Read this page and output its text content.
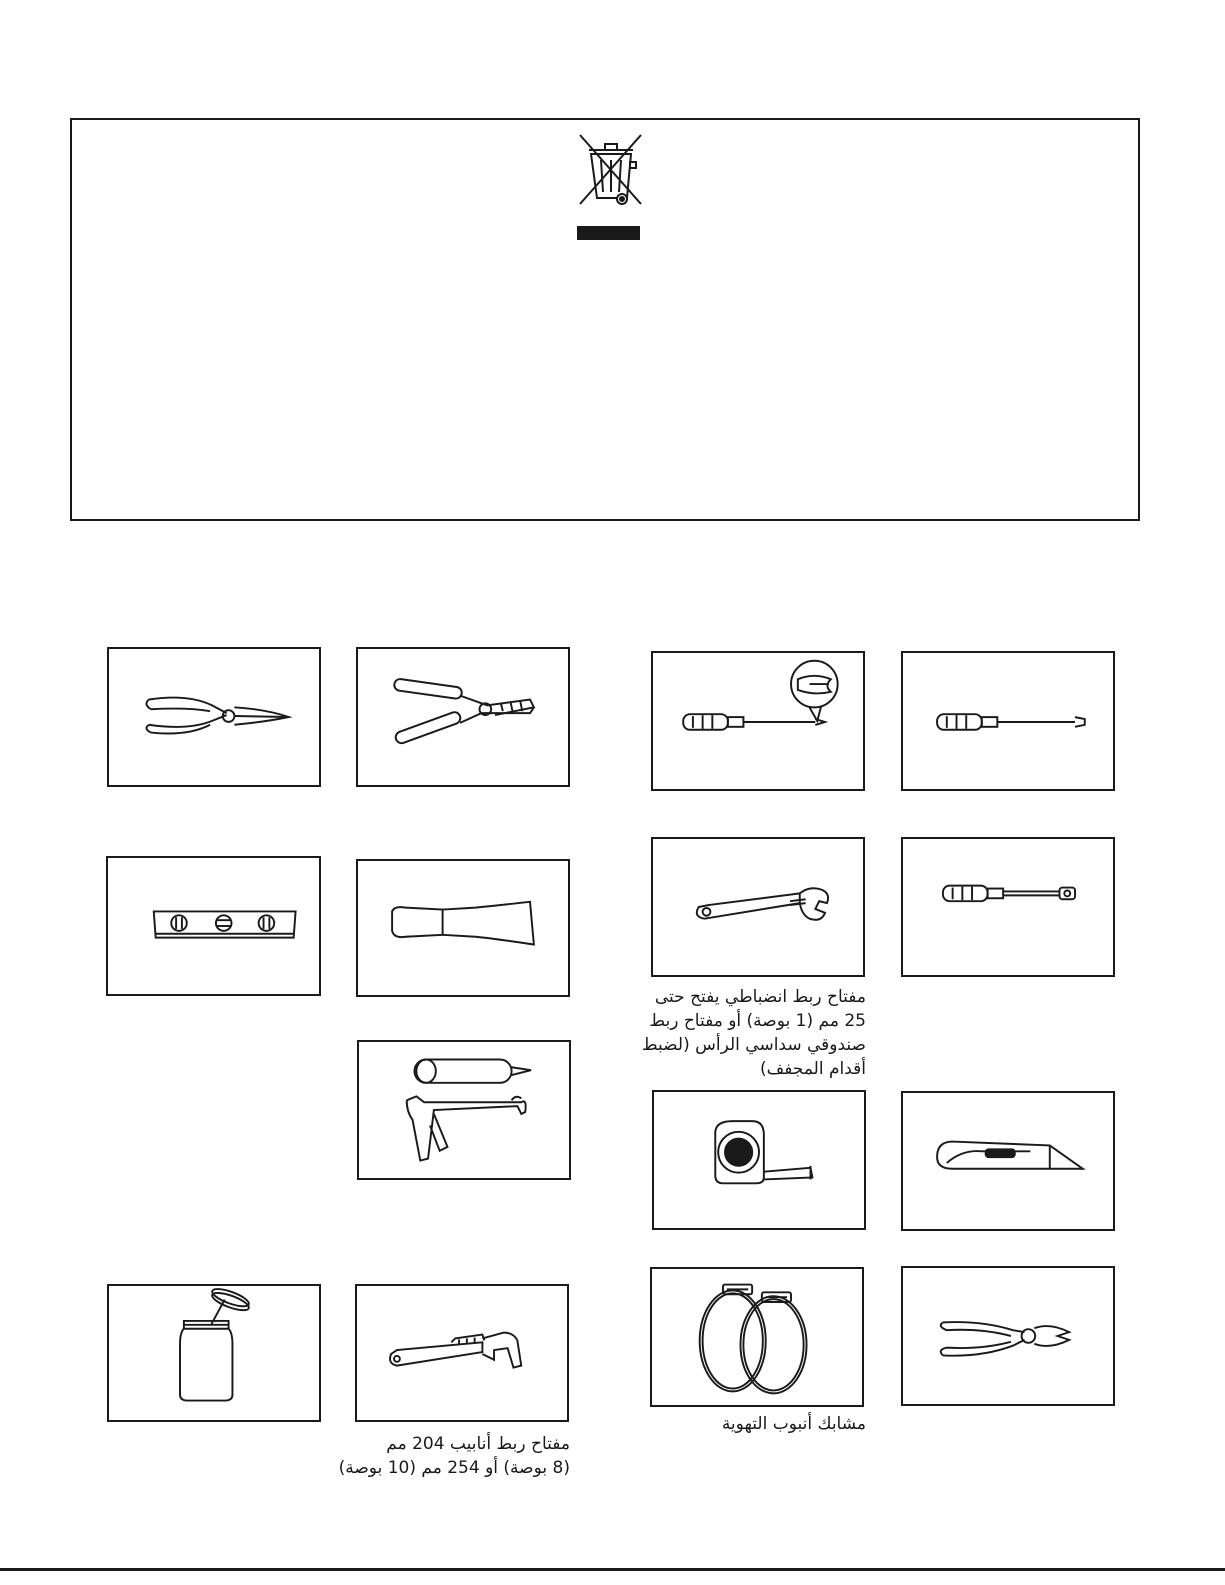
مفتاح ربط انضباطي يفتح حتى
25 مم (1 بوصة) أو مفتاح ربط
صندوقي سداسي الرأس (لضبط
أقدام المجفف)
مشابك أنبوب التهوية
مفتاح ربط أنابيب 204 مم
(8 بوصة) أو 254 مم (10 بوصة)
